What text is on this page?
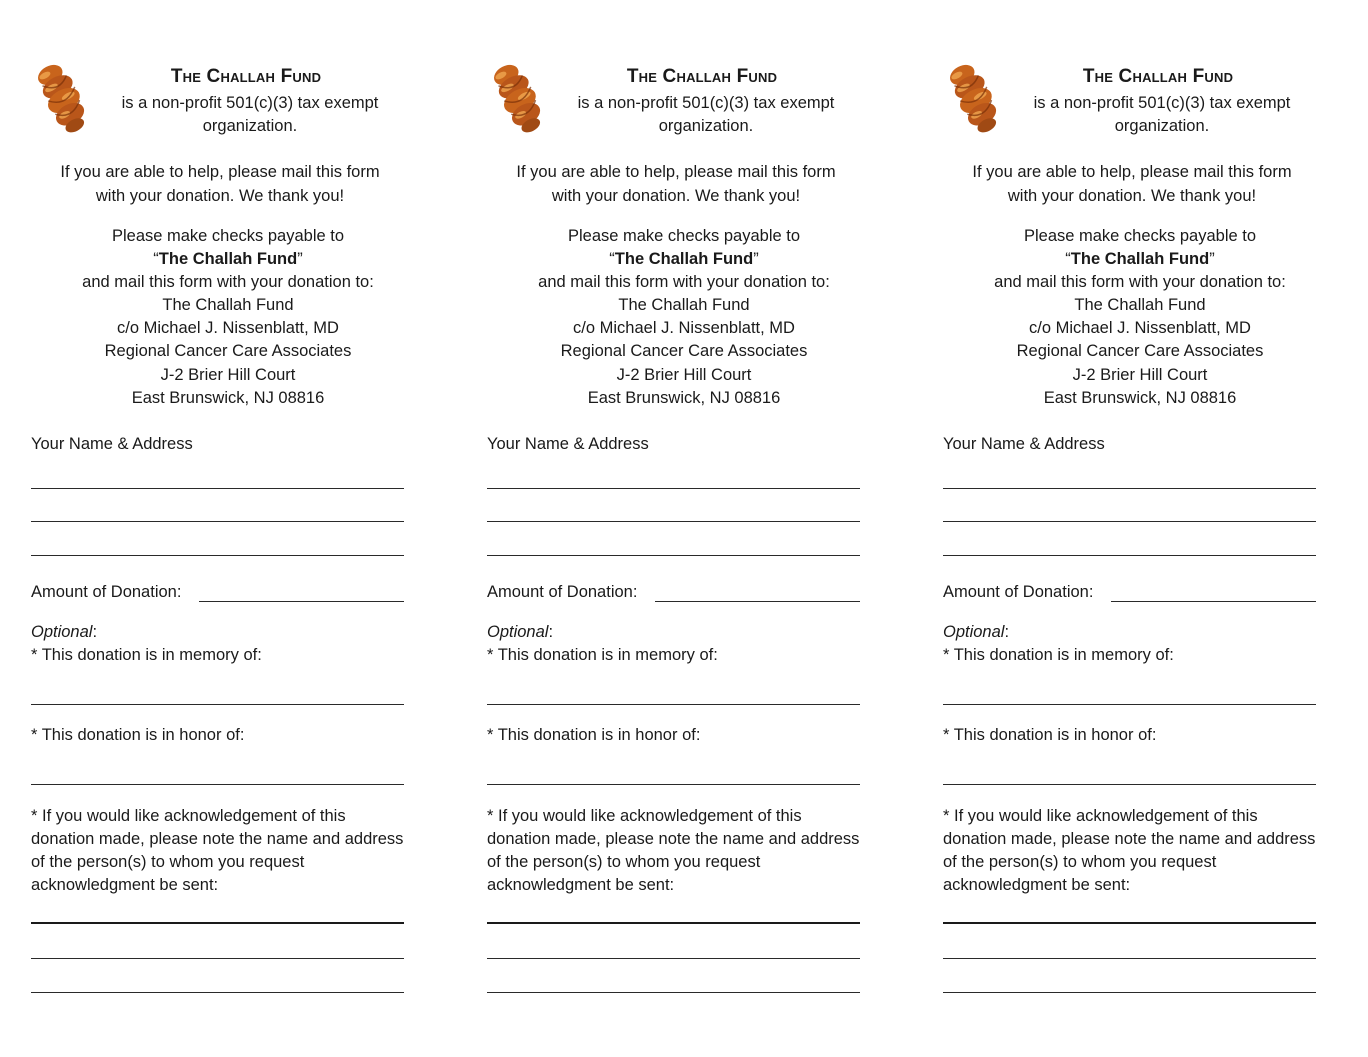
The Challah Fund
is a non-profit 501(c)(3) tax exempt
organization.
If you are able to help, please mail this form
with your donation. We thank you!
Please make checks payable to
“The Challah Fund”
and mail this form with your donation to:
The Challah Fund
c/o Michael J. Nissenblatt, MD
Regional Cancer Care Associates
J-2 Brier Hill Court
East Brunswick, NJ 08816
Your Name & Address
Amount of Donation:
Optional:
* This donation is in memory of:
* This donation is in honor of:
* If you would like acknowledgement of this
donation made, please note the name and address
of the person(s) to whom you request
acknowledgment be sent:
The Challah Fund
is a non-profit 501(c)(3) tax exempt
organization.
If you are able to help, please mail this form
with your donation. We thank you!
Please make checks payable to
“The Challah Fund”
and mail this form with your donation to:
The Challah Fund
c/o Michael J. Nissenblatt, MD
Regional Cancer Care Associates
J-2 Brier Hill Court
East Brunswick, NJ 08816
Your Name & Address
Amount of Donation:
Optional:
* This donation is in memory of:
* This donation is in honor of:
* If you would like acknowledgement of this
donation made, please note the name and address
of the person(s) to whom you request
acknowledgment be sent:
The Challah Fund
is a non-profit 501(c)(3) tax exempt
organization.
If you are able to help, please mail this form
with your donation. We thank you!
Please make checks payable to
“The Challah Fund”
and mail this form with your donation to:
The Challah Fund
c/o Michael J. Nissenblatt, MD
Regional Cancer Care Associates
J-2 Brier Hill Court
East Brunswick, NJ 08816
Your Name & Address
Amount of Donation:
Optional:
* This donation is in memory of:
* This donation is in honor of:
* If you would like acknowledgement of this
donation made, please note the name and address
of the person(s) to whom you request
acknowledgment be sent:
